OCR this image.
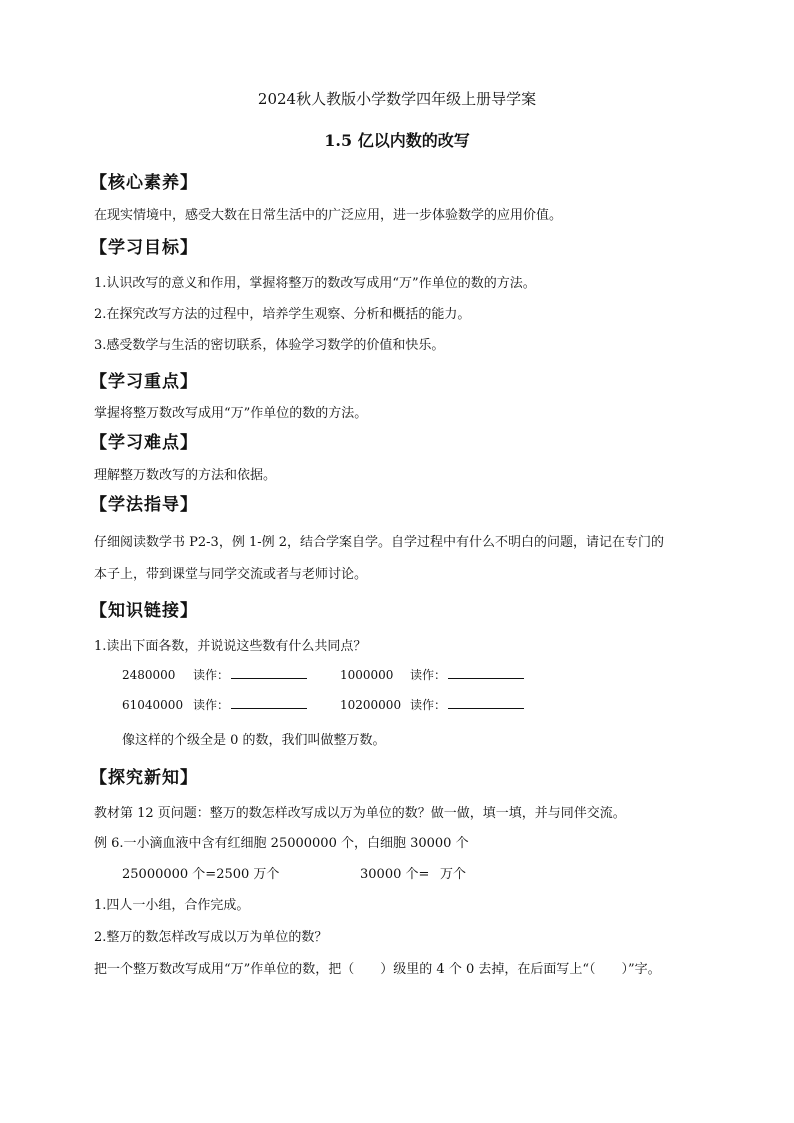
2024秋人教版小学数学四年级上册导学案
1.5 亿以内数的改写
【核心素养】
在现实情境中，感受大数在日常生活中的广泛应用，进一步体验数学的应用价值。
【学习目标】
1.认识改写的意义和作用，掌握将整万的数改写成用“万”作单位的数的方法。
2.在探究改写方法的过程中，培养学生观察、分析和概括的能力。
3.感受数学与生活的密切联系，体验学习数学的价值和快乐。
【学习重点】
掌握将整万数改写成用“万”作单位的数的方法。
【学习难点】
理解整万数改写的方法和依据。
【学法指导】
仔细阅读数学书 P2-3，例 1-例 2，结合学案自学。自学过程中有什么不明白的问题，请记在专门的
本子上，带到课堂与同学交流或者与老师讨论。
【知识链接】
1.读出下面各数，并说说这些数有什么共同点？
2480000 读作：	1000000 读作：
61040000 读作：	10200000 读作：
像这样的个级全是 0 的数，我们叫做整万数。
【探究新知】
教材第 12 页问题：整万的数怎样改写成以万为单位的数？做一做，填一填，并与同伴交流。
例 6.一小滴血液中含有红细胞 25000000 个，白细胞 30000 个
25000000 个=2500 万个	30000 个= 万个
1.四人一小组，合作完成。
2.整万的数怎样改写成以万为单位的数？
把一个整万数改写成用“万”作单位的数，把（　　）级里的 4 个 0 去掉，在后面写上“（　　）”字。
